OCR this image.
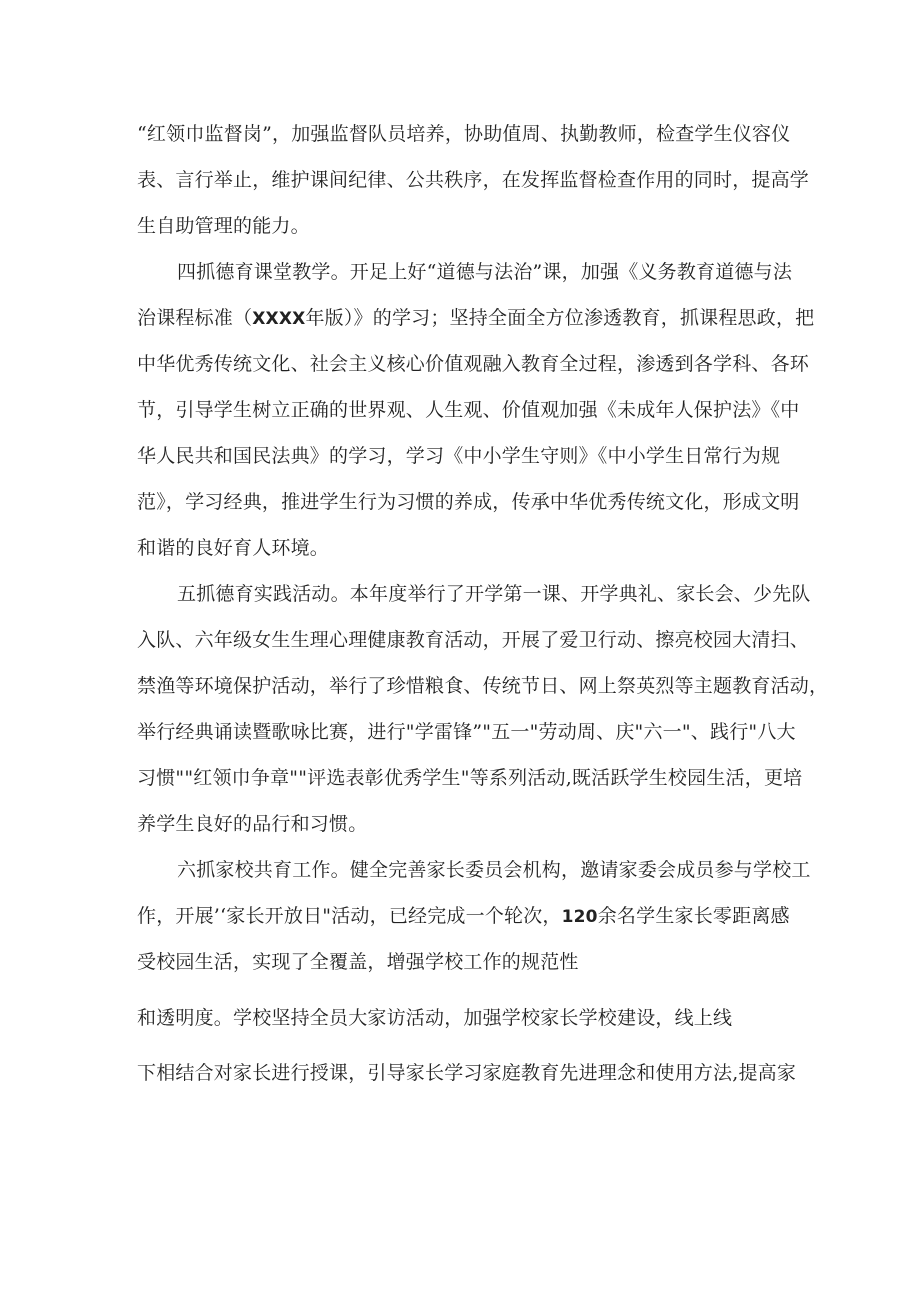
“红领巾监督岗”，加强监督队员培养，协助值周、执勤教师，检查学生仪容仪
表、言行举止，维护课间纪律、公共秩序，在发挥监督检查作用的同时，提高学
生自助管理的能力。
四抓德育课堂教学。开足上好“道德与法治”课，加强《义务教育道德与法
治课程标准（XXXX年版）》的学习；坚持全面全方位渗透教育，抓课程思政，把
中华优秀传统文化、社会主义核心价值观融入教育全过程，渗透到各学科、各环
节，引导学生树立正确的世界观、人生观、价值观加强《未成年人保护法》《中
华人民共和国民法典》的学习，学习《中小学生守则》《中小学生日常行为规
范》，学习经典，推进学生行为习惯的养成，传承中华优秀传统文化，形成文明
和谐的良好育人环境。
五抓德育实践活动。本年度举行了开学第一课、开学典礼、家长会、少先队
入队、六年级女生生理心理健康教育活动，开展了爱卫行动、擦亮校园大清扫、
禁渔等环境保护活动，举行了珍惜粮食、传统节日、网上祭英烈等主题教育活动，
举行经典诵读暨歌咏比赛，进行"学雷锋”"五一"劳动周、庆"六一"、践行"八大
习惯""红领巾争章""评选表彰优秀学生"等系列活动,既活跃学生校园生活，更培
养学生良好的品行和习惯。
六抓家校共育工作。健全完善家长委员会机构，邀请家委会成员参与学校工
作，开展’‘家长开放日"活动，已经完成一个轮次，120余名学生家长零距离感
受校园生活，实现了全覆盖，增强学校工作的规范性
和透明度。学校坚持全员大家访活动，加强学校家长学校建设，线上线
下相结合对家长进行授课，引导家长学习家庭教育先进理念和使用方法,提高家
